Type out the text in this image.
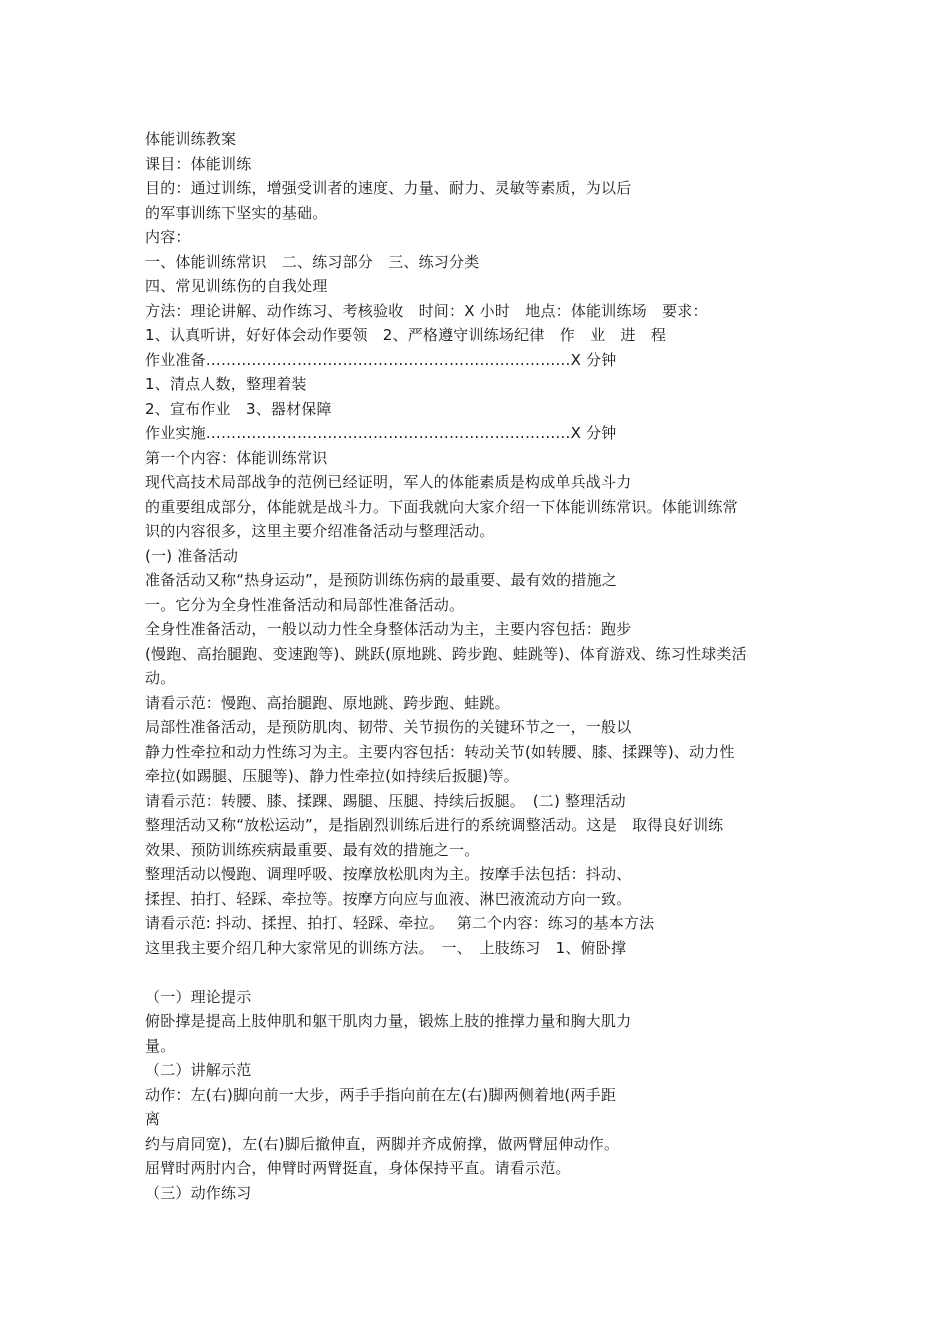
体能训练教案
课目：体能训练
目的：通过训练，增强受训者的速度、力量、耐力、灵敏等素质，为以后
的军事训练下坚实的基础。
内容：
一、体能训练常识　二、练习部分　三、练习分类
四、常见训练伤的自我处理
方法：理论讲解、动作练习、考核验收　时间：X 小时　地点：体能训练场　要求：
1、认真听讲，好好体会动作要领　2、严格遵守训练场纪律　作　业　进　程
作业准备………………………………………………………………X 分钟
1、清点人数，整理着装
2、宣布作业　3、器材保障
作业实施………………………………………………………………X 分钟
第一个内容：体能训练常识
现代高技术局部战争的范例已经证明，军人的体能素质是构成单兵战斗力
的重要组成部分，体能就是战斗力。下面我就向大家介绍一下体能训练常识。体能训练常
识的内容很多，这里主要介绍准备活动与整理活动。
(一) 准备活动
准备活动又称“热身运动”，是预防训练伤病的最重要、最有效的措施之
一。它分为全身性准备活动和局部性准备活动。
全身性准备活动，一般以动力性全身整体活动为主，主要内容包括：跑步
(慢跑、高抬腿跑、变速跑等)、跳跃(原地跳、跨步跑、蛙跳等)、体育游戏、练习性球类活
动。
请看示范：慢跑、高抬腿跑、原地跳、跨步跑、蛙跳。
局部性准备活动，是预防肌肉、韧带、关节损伤的关键环节之一，一般以
静力性牵拉和动力性练习为主。主要内容包括：转动关节(如转腰、膝、揉踝等)、动力性
牵拉(如踢腿、压腿等)、静力性牵拉(如持续后扳腿)等。
请看示范：转腰、膝、揉踝、踢腿、压腿、持续后扳腿。　(二) 整理活动
整理活动又称“放松运动”，是指剧烈训练后进行的系统调整活动。这是　取得良好训练
效果、预防训练疾病最重要、最有效的措施之一。
整理活动以慢跑、调理呼吸、按摩放松肌肉为主。按摩手法包括：抖动、
揉捏、拍打、轻踩、牵拉等。按摩方向应与血液、淋巴液流动方向一致。
请看示范: 抖动、揉捏、拍打、轻踩、牵拉。　 第二个内容：练习的基本方法
这里我主要介绍几种大家常见的训练方法。　一、　上肢练习　1、俯卧撑
（一）理论提示
俯卧撑是提高上肢伸肌和躯干肌肉力量，锻炼上肢的推撑力量和胸大肌力
量。
（二）讲解示范
动作：左(右)脚向前一大步，两手手指向前在左(右)脚两侧着地(两手距
离
约与肩同宽)，左(右)脚后撤伸直，两脚并齐成俯撑，做两臂屈伸动作。
屈臂时两肘内合，伸臂时两臂挺直，身体保持平直。请看示范。
（三）动作练习
